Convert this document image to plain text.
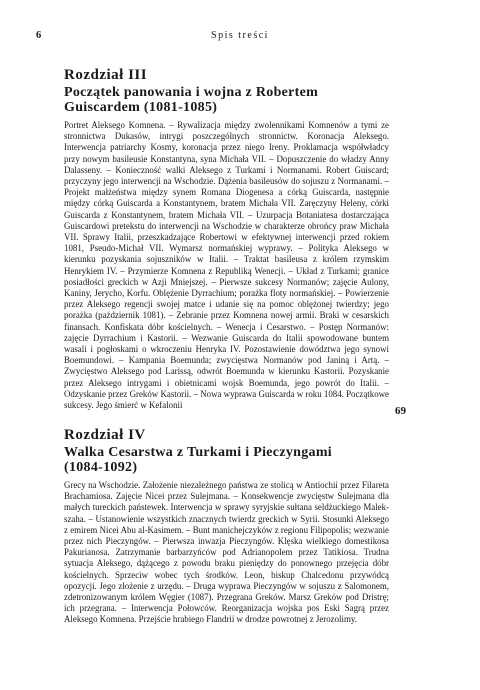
6	Spis treści
Rozdział III
Początek panowania i wojna z Robertem Guiscardem (1081-1085)

Portret Aleksego Komnena. – Rywalizacja między zwolennikami Komnenów a tymi ze stronnictwa Dukasów, intrygi poszczególnych stronnictw. Koronacja Aleksego. Interwencja patriarchy Kosmy, koronacja przez niego Ireny. Proklamacja współwładcy przy nowym basileusie Konstantyna, syna Michała VII. – Dopuszczenie do władzy Anny Dalasseny. – Konieczność walki Aleksego z Turkami i Normanami. Robert Guiscard; przyczyny jego interwencji na Wschodzie. Dążenia basileusów do sojuszu z Normanami. – Projekt małżeństwa między synem Romana Diogenesa a córką Guiscarda, następnie między córką Guiscarda a Konstantynem, bratem Michała VII. Zaręczyny Heleny, córki Guiscarda z Konstantynem, bratem Michała VII. – Uzurpacja Botaniatesa dostarczająca Guiscardowi pretekstu do interwencji na Wschodzie w charakterze obrońcy praw Michała VII. Sprawy Italii, przeszkadzające Robertowi w efektywnej interwencji przed rokiem 1081, Pseudo-Michał VII. Wymarsz normańskiej wyprawy. – Polityka Aleksego w kierunku pozyskania sojuszników w Italii. – Traktat basileusa z królem rzymskim Henrykiem IV. – Przymierze Komnena z Republiką Wenecji. – Układ z Turkami; granice posiadłości greckich w Azji Mniejszej. – Pierwsze sukcesy Normanów; zajęcie Aulony, Kaniny, Jerycho, Korfu. Oblężenie Dyrrachium; porażka floty normańskiej. – Powierzenie przez Aleksego regencji swojej matce i udanie się na pomoc oblężonej twierdzy; jego porażka (październik 1081). – Zebranie przez Komnena nowej armii. Braki w cesarskich finansach. Konfiskata dóbr kościelnych. – Wenecja i Cesarstwo. – Postęp Normanów: zajęcie Dyrrachium i Kastorii. – Wezwanie Guiscarda do Italii spowodowane buntem wasali i pogłoskami o wkroczeniu Henryka IV. Pozostawienie dowództwa jego synowi Boemundowi. – Kampania Boemunda; zwycięstwa Normanów pod Janiną i Artą. – Zwycięstwo Aleksego pod Larissą, odwrót Boemunda w kierunku Kastorii. Pozyskanie przez Aleksego intrygami i obietnicami wojsk Boemunda, jego powrót do Italii. – Odzyskanie przez Greków Kastorii. – Nowa wyprawa Guiscarda w roku 1084. Początkowe sukcesy. Jego śmierć w Kefalonii	69
Rozdział IV
Walka Cesarstwa z Turkami i Pieczyngami (1084-1092)

Grecy na Wschodzie. Założenie niezależnego państwa ze stolicą w Antiochii przez Filareta Brachamiosa. Zajęcie Nicei przez Sulejmana. – Konsekwencje zwycięstw Sulejmana dla małych tureckich państewek. Interwencja w sprawy syryjskie sułtana seldżuckiego Malek-szaha. – Ustanowienie wszystkich znacznych twierdz greckich w Syrii. Stosunki Aleksego z emirem Nicei Abu al-Kasimem. – Bunt manichejczyków z regionu Filipopolis; wezwanie przez nich Pieczyngów. – Pierwsza inwazja Pieczyngów. Klęska wielkiego domestikosa Pakurianosa. Zatrzymanie barbarzyńców pod Adrianopolem przez Tatikiosa. Trudna sytuacja Aleksego, dążącego z powodu braku pieniędzy do ponownego przejęcia dóbr kościelnych. Sprzeciw wobec tych środków. Leon, biskup Chalcedonu przywódcą opozycji. Jego złożenie z urzędu. – Druga wyprawa Pieczyngów w sojuszu z Salomonem, zdetronizowanym królem Węgier (1087). Przegrana Greków. Marsz Greków pod Dristrę; ich przegrana. – Interwencja Połowców. Reorganizacja wojska pos Eski Sagrą przez Aleksego Komnena. Przejście hrabiego Flandrii w drodze powrotnej z Jerozolimy.
